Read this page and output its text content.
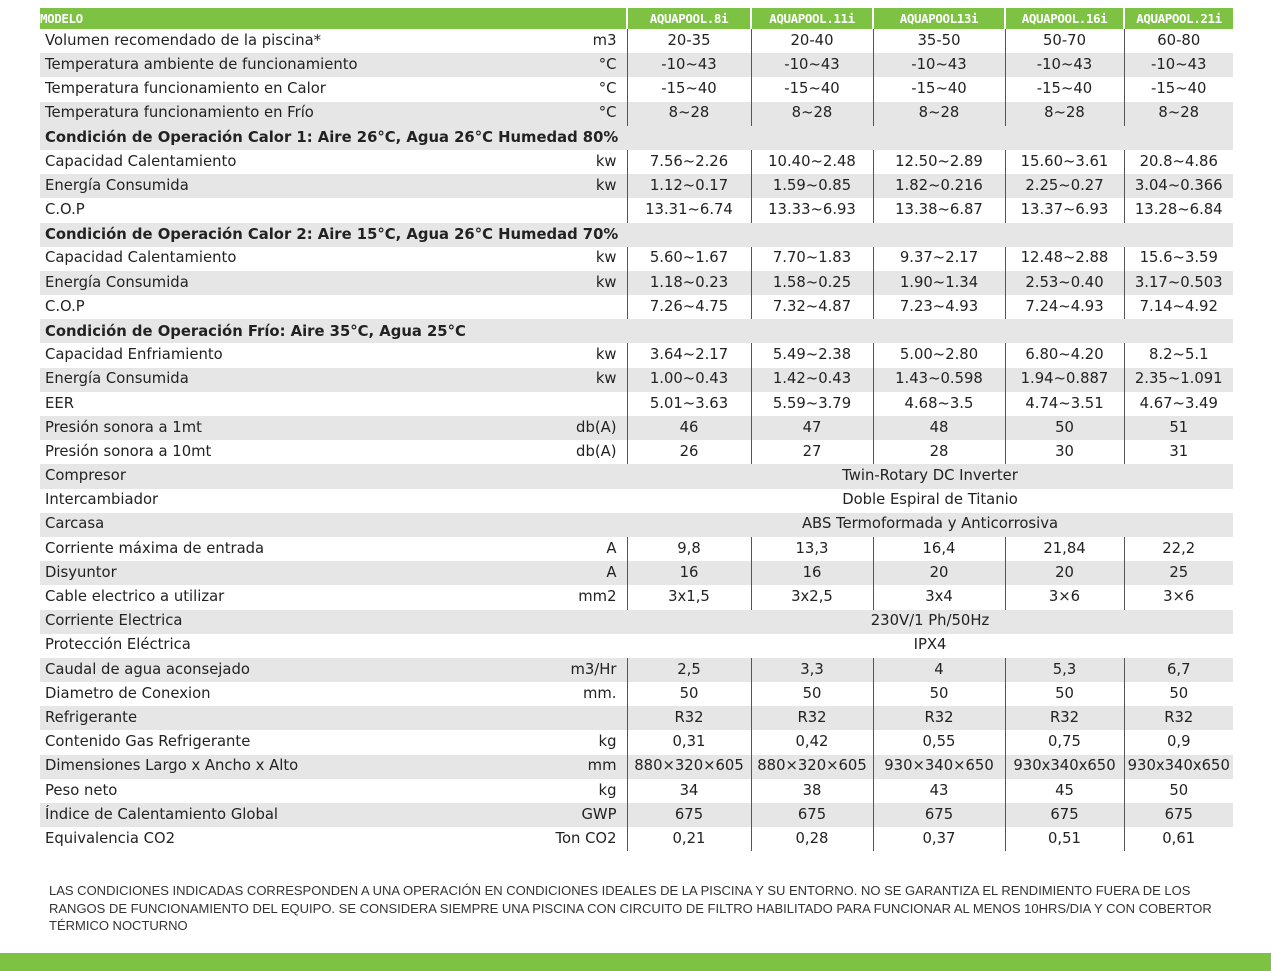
MODELO		AQUAPOOL.8i	AQUAPOOL.11i	AQUAPOOL13i	AQUAPOOL.16i	AQUAPOOL.21i
Volumen recomendado de la piscina*	m3	20-35	20-40	35-50	50-70	60-80
Temperatura ambiente de funcionamiento	°C	-10~43	-10~43	-10~43	-10~43	-10~43
Temperatura funcionamiento en Calor	°C	-15~40	-15~40	-15~40	-15~40	-15~40
Temperatura funcionamiento en Frío	°C	8~28	8~28	8~28	8~28	8~28
Condición de Operación Calor 1: Aire 26°C, Agua 26°C Humedad 80%						
Capacidad Calentamiento	kw	7.56~2.26	10.40~2.48	12.50~2.89	15.60~3.61	20.8~4.86
Energía Consumida	kw	1.12~0.17	1.59~0.85	1.82~0.216	2.25~0.27	3.04~0.366
C.O.P		13.31~6.74	13.33~6.93	13.38~6.87	13.37~6.93	13.28~6.84
Condición de Operación Calor 2: Aire 15°C, Agua 26°C Humedad 70%						
Capacidad Calentamiento	kw	5.60~1.67	7.70~1.83	9.37~2.17	12.48~2.88	15.6~3.59
Energía Consumida	kw	1.18~0.23	1.58~0.25	1.90~1.34	2.53~0.40	3.17~0.503
C.O.P		7.26~4.75	7.32~4.87	7.23~4.93	7.24~4.93	7.14~4.92
Condición de Operación Frío: Aire 35°C, Agua 25°C						
Capacidad Enfriamiento	kw	3.64~2.17	5.49~2.38	5.00~2.80	6.80~4.20	8.2~5.1
Energía Consumida	kw	1.00~0.43	1.42~0.43	1.43~0.598	1.94~0.887	2.35~1.091
EER		5.01~3.63	5.59~3.79	4.68~3.5	4.74~3.51	4.67~3.49
Presión sonora a 1mt	db(A)	46	47	48	50	51
Presión sonora a 10mt	db(A)	26	27	28	30	31
Compresor		Twin-Rotary DC Inverter				
Intercambiador		Doble Espiral de Titanio				
Carcasa		ABS Termoformada y Anticorrosiva				
Corriente máxima de entrada	A	9,8	13,3	16,4	21,84	22,2
Disyuntor	A	16	16	20	20	25
Cable electrico a utilizar	mm2	3x1,5	3x2,5	3x4	3×6	3×6
Corriente Electrica		230V/1 Ph/50Hz				
Protección Eléctrica		IPX4				
Caudal de agua aconsejado	m3/Hr	2,5	3,3	4	5,3	6,7
Diametro de Conexion	mm.	50	50	50	50	50
Refrigerante		R32	R32	R32	R32	R32
Contenido Gas Refrigerante	kg	0,31	0,42	0,55	0,75	0,9
Dimensiones Largo x Ancho x Alto	mm	880×320×605	880×320×605	930×340×650	930x340x650	930x340x650
Peso neto	kg	34	38	43	45	50
Índice de Calentamiento Global	GWP	675	675	675	675	675
Equivalencia CO2	Ton CO2	0,21	0,28	0,37	0,51	0,61

LAS CONDICIONES INDICADAS CORRESPONDEN A UNA OPERACIÓN EN CONDICIONES IDEALES DE LA PISCINA Y SU ENTORNO. NO SE GARANTIZA EL RENDIMIENTO FUERA DE LOS RANGOS DE FUNCIONAMIENTO DEL EQUIPO. SE CONSIDERA SIEMPRE UNA PISCINA CON CIRCUITO DE FILTRO HABILITADO PARA FUNCIONAR AL MENOS 10HRS/DIA Y CON COBERTOR TÉRMICO NOCTURNO
